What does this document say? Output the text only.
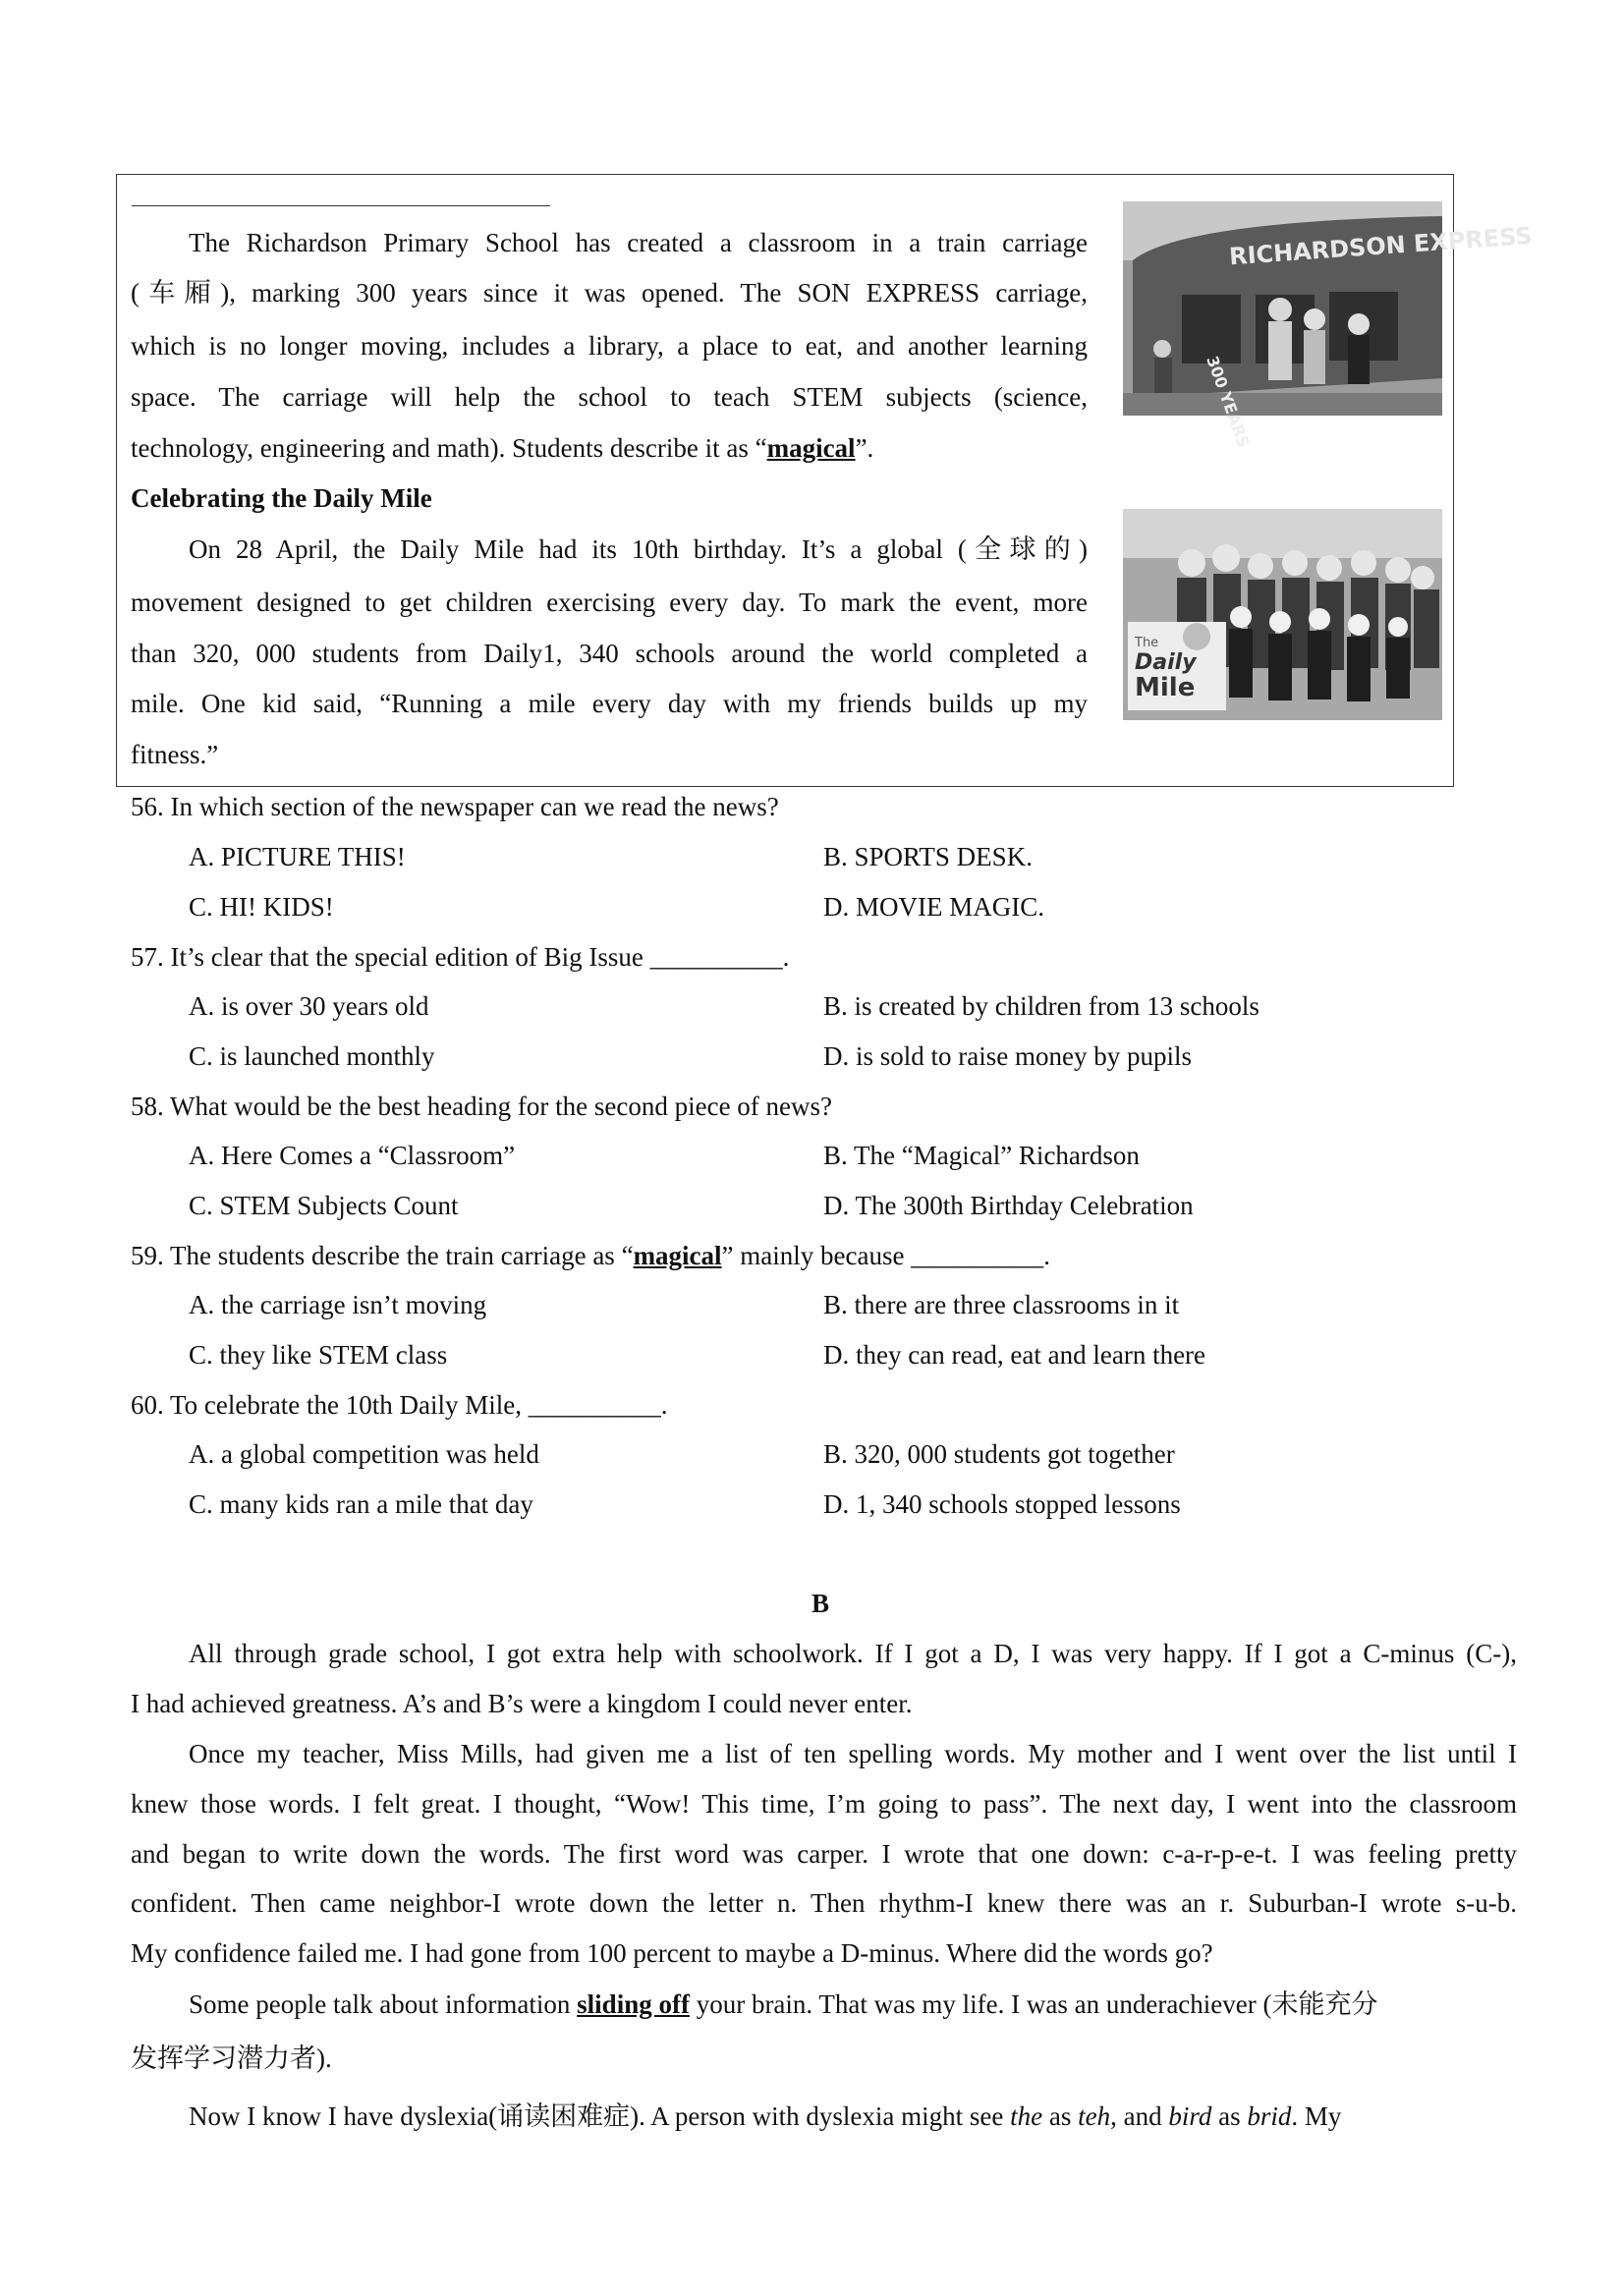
The Richardson Primary School has created a classroom in a train carriage
(车厢), marking 300 years since it was opened. The SON EXPRESS carriage,
which is no longer moving, includes a library, a place to eat, and another learning
space. The carriage will help the school to teach STEM subjects (science,
technology, engineering and math). Students describe it as “magical”.
Celebrating the Daily Mile
On 28 April, the Daily Mile had its 10th birthday. It’s a global (全球的)
movement designed to get children exercising every day. To mark the event, more
than 320, 000 students from Daily1, 340 schools around the world completed a
mile. One kid said, “Running a mile every day with my friends builds up my
fitness.”
RICHARDSON EXPRESS
300 YEARS
The
Daily
Mile
56. In which section of the newspaper can we read the news?
A. PICTURE THIS!	B. SPORTS DESK.
C. HI! KIDS!	D. MOVIE MAGIC.
57. It’s clear that the special edition of Big Issue __________.
A. is over 30 years old	B. is created by children from 13 schools
C. is launched monthly	D. is sold to raise money by pupils
58. What would be the best heading for the second piece of news?
A. Here Comes a “Classroom”	B. The “Magical” Richardson
C. STEM Subjects Count	D. The 300th Birthday Celebration
59. The students describe the train carriage as “magical” mainly because __________.
A. the carriage isn’t moving	B. there are three classrooms in it
C. they like STEM class	D. they can read, eat and learn there
60. To celebrate the 10th Daily Mile, __________.
A. a global competition was held	B. 320, 000 students got together
C. many kids ran a mile that day	D. 1, 340 schools stopped lessons
B
All through grade school, I got extra help with schoolwork. If I got a D, I was very happy. If I got a C-minus (C-),
I had achieved greatness. A’s and B’s were a kingdom I could never enter.
Once my teacher, Miss Mills, had given me a list of ten spelling words. My mother and I went over the list until I
knew those words. I felt great. I thought, “Wow! This time, I’m going to pass”. The next day, I went into the classroom
and began to write down the words. The first word was carper. I wrote that one down: c-a-r-p-e-t. I was feeling pretty
confident. Then came neighbor-I wrote down the letter n. Then rhythm-I knew there was an r. Suburban-I wrote s-u-b.
My confidence failed me. I had gone from 100 percent to maybe a D-minus. Where did the words go?
Some people talk about information sliding off your brain. That was my life. I was an underachiever (未能充分
发挥学习潜力者).
Now I know I have dyslexia(诵读困难症). A person with dyslexia might see the as teh, and bird as brid. My
